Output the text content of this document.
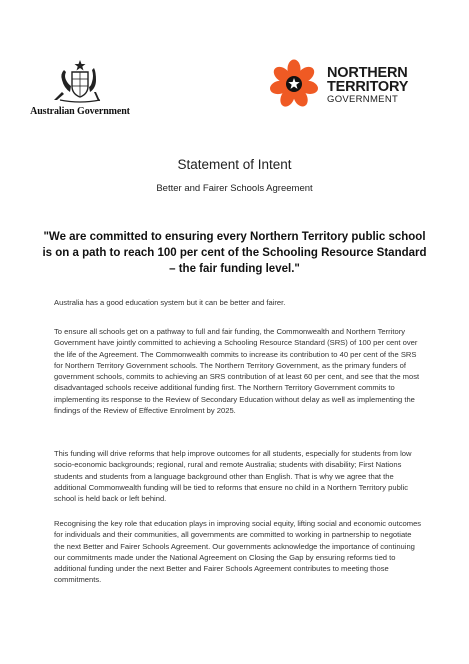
Australian Government
NORTHERN
TERRITORY
GOVERNMENT
Statement of Intent
Better and Fairer Schools Agreement
"We are committed to ensuring every Northern Territory public school is on a path to reach 100 per cent of the Schooling Resource Standard – the fair funding level."

Australia has a good education system but it can be better and fairer.

To ensure all schools get on a pathway to full and fair funding, the Commonwealth and Northern Territory Government have jointly committed to achieving a Schooling Resource Standard (SRS) of 100 per cent over the life of the Agreement. The Commonwealth commits to increase its contribution to 40 per cent of the SRS for Northern Territory Government schools. The Northern Territory Government, as the primary funders of government schools, commits to achieving an SRS contribution of at least 60 per cent, and see that the most disadvantaged schools receive additional funding first. The Northern Territory Government commits to implementing its response to the Review of Secondary Education without delay as well as implementing the findings of the Review of Effective Enrolment by 2025.

This funding will drive reforms that help improve outcomes for all students, especially for students from low socio-economic backgrounds; regional, rural and remote Australia; students with disability; First Nations students and students from a language background other than English. That is why we agree that the additional Commonwealth funding will be tied to reforms that ensure no child in a Northern Territory public school is held back or left behind.

Recognising the key role that education plays in improving social equity, lifting social and economic outcomes for individuals and their communities, all governments are committed to working in partnership to negotiate the next Better and Fairer Schools Agreement. Our governments acknowledge the importance of continuing our commitments made under the National Agreement on Closing the Gap by ensuring reforms tied to additional funding under the next Better and Fairer Schools Agreement contributes to meeting those commitments.
